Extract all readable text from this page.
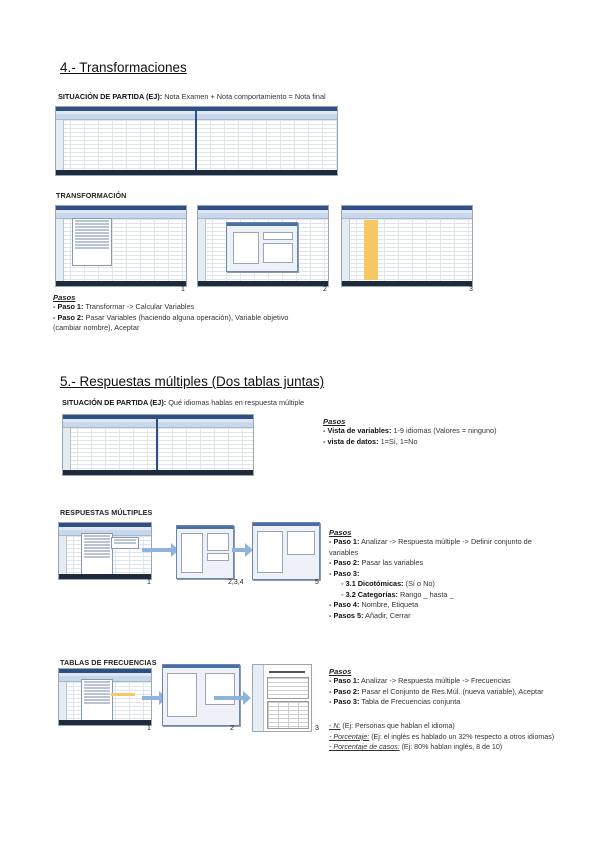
4.- Transformaciones
SITUACIÓN DE PARTIDA (EJ): Nota Examen + Nota comportamiento = Nota final
TRANSFORMACIÓN
1	2	3
Pasos
- Paso 1: Transformar -> Calcular Variables
- Paso 2: Pasar Variables (haciendo alguna operación), Variable objetivo
(cambiar nombre), Aceptar
5.- Respuestas múltiples (Dos tablas juntas)
SITUACIÓN DE PARTIDA (EJ): Qué idiomas hablas en respuesta múltiple
Pasos
- Vista de variables: 1-9 idiomas (Valores = ninguno)
- vista de datos: 1=Sí, 1=No
RESPUESTAS MÚLTIPLES
1	2,3,4	5
Pasos
- Paso 1: Analizar -> Respuesta múltiple -> Definir conjunto de
variables
- Paso 2: Pasar las variables
- Paso 3:
◦ 3.1 Dicotómicas: (Sí o No)
◦ 3.2 Categorías: Rango _ hasta _
- Paso 4: Nombre, Etiqueta
- Pasos 5: Añadir, Cerrar
TABLAS DE FRECUENCIAS
1	2	3
Pasos
- Paso 1: Analizar -> Respuesta múltiple -> Frecuencias
- Paso 2: Pasar el Conjunto de Res.Múl. (nueva variable), Aceptar
- Paso 3: Tabla de Frecuencias conjunta
- N: (Ej: Personas que hablan el idioma)
- Porcentaje: (Ej: el inglés es hablado un 32% respecto a otros idiomas)
- Porcentaje de casos: (Ej: 80% hablan inglés, 8 de 10)
